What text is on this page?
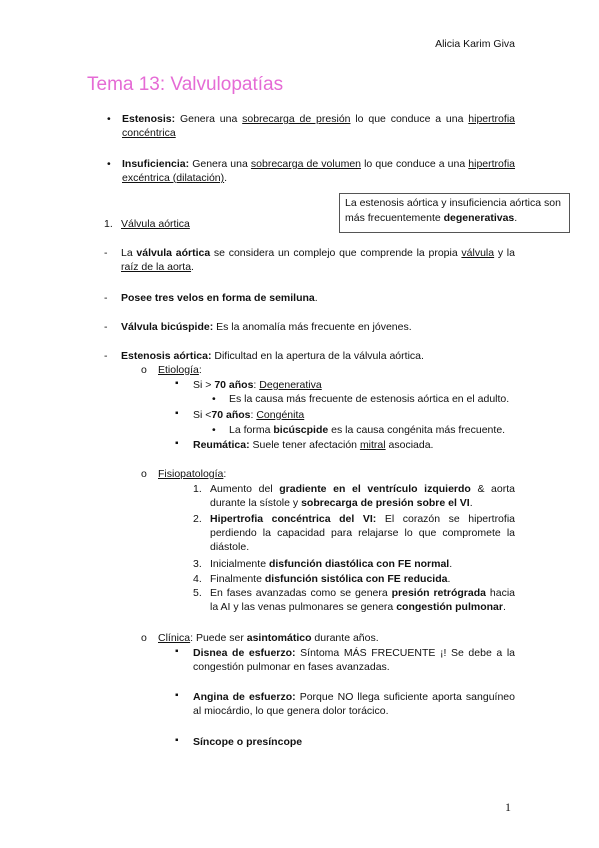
Alicia Karim Giva
Tema 13: Valvulopatías
• Estenosis: Genera una sobrecarga de presión lo que conduce a una hipertrofia concéntrica
• Insuficiencia: Genera una sobrecarga de volumen lo que conduce a una hipertrofia excéntrica (dilatación).
La estenosis aórtica y insuficiencia aórtica son más frecuentemente degenerativas.
1. Válvula aórtica
- La válvula aórtica se considera un complejo que comprende la propia válvula y la raíz de la aorta.
- Posee tres velos en forma de semiluna.
- Válvula bicúspide: Es la anomalía más frecuente en jóvenes.
- Estenosis aórtica: Dificultad en la apertura de la válvula aórtica.
o Etiología:
▪ Si > 70 años: Degenerativa
• Es la causa más frecuente de estenosis aórtica en el adulto.
▪ Si <70 años: Congénita
• La forma bicúscpide es la causa congénita más frecuente.
▪ Reumática: Suele tener afectación mitral asociada.
o Fisiopatología:
1. Aumento del gradiente en el ventrículo izquierdo & aorta durante la sístole y sobrecarga de presión sobre el VI.
2. Hipertrofia concéntrica del VI: El corazón se hipertrofia perdiendo la capacidad para relajarse lo que compromete la diástole.
3. Inicialmente disfunción diastólica con FE normal.
4. Finalmente disfunción sistólica con FE reducida.
5. En fases avanzadas como se genera presión retrógrada hacia la AI y las venas pulmonares se genera congestión pulmonar.
o Clínica: Puede ser asintomático durante años.
▪ Disnea de esfuerzo: Síntoma MÁS FRECUENTE ¡! Se debe a la congestión pulmonar en fases avanzadas.
▪ Angina de esfuerzo: Porque NO llega suficiente aporta sanguíneo al miocárdio, lo que genera dolor torácico.
▪ Síncope o presíncope
1
